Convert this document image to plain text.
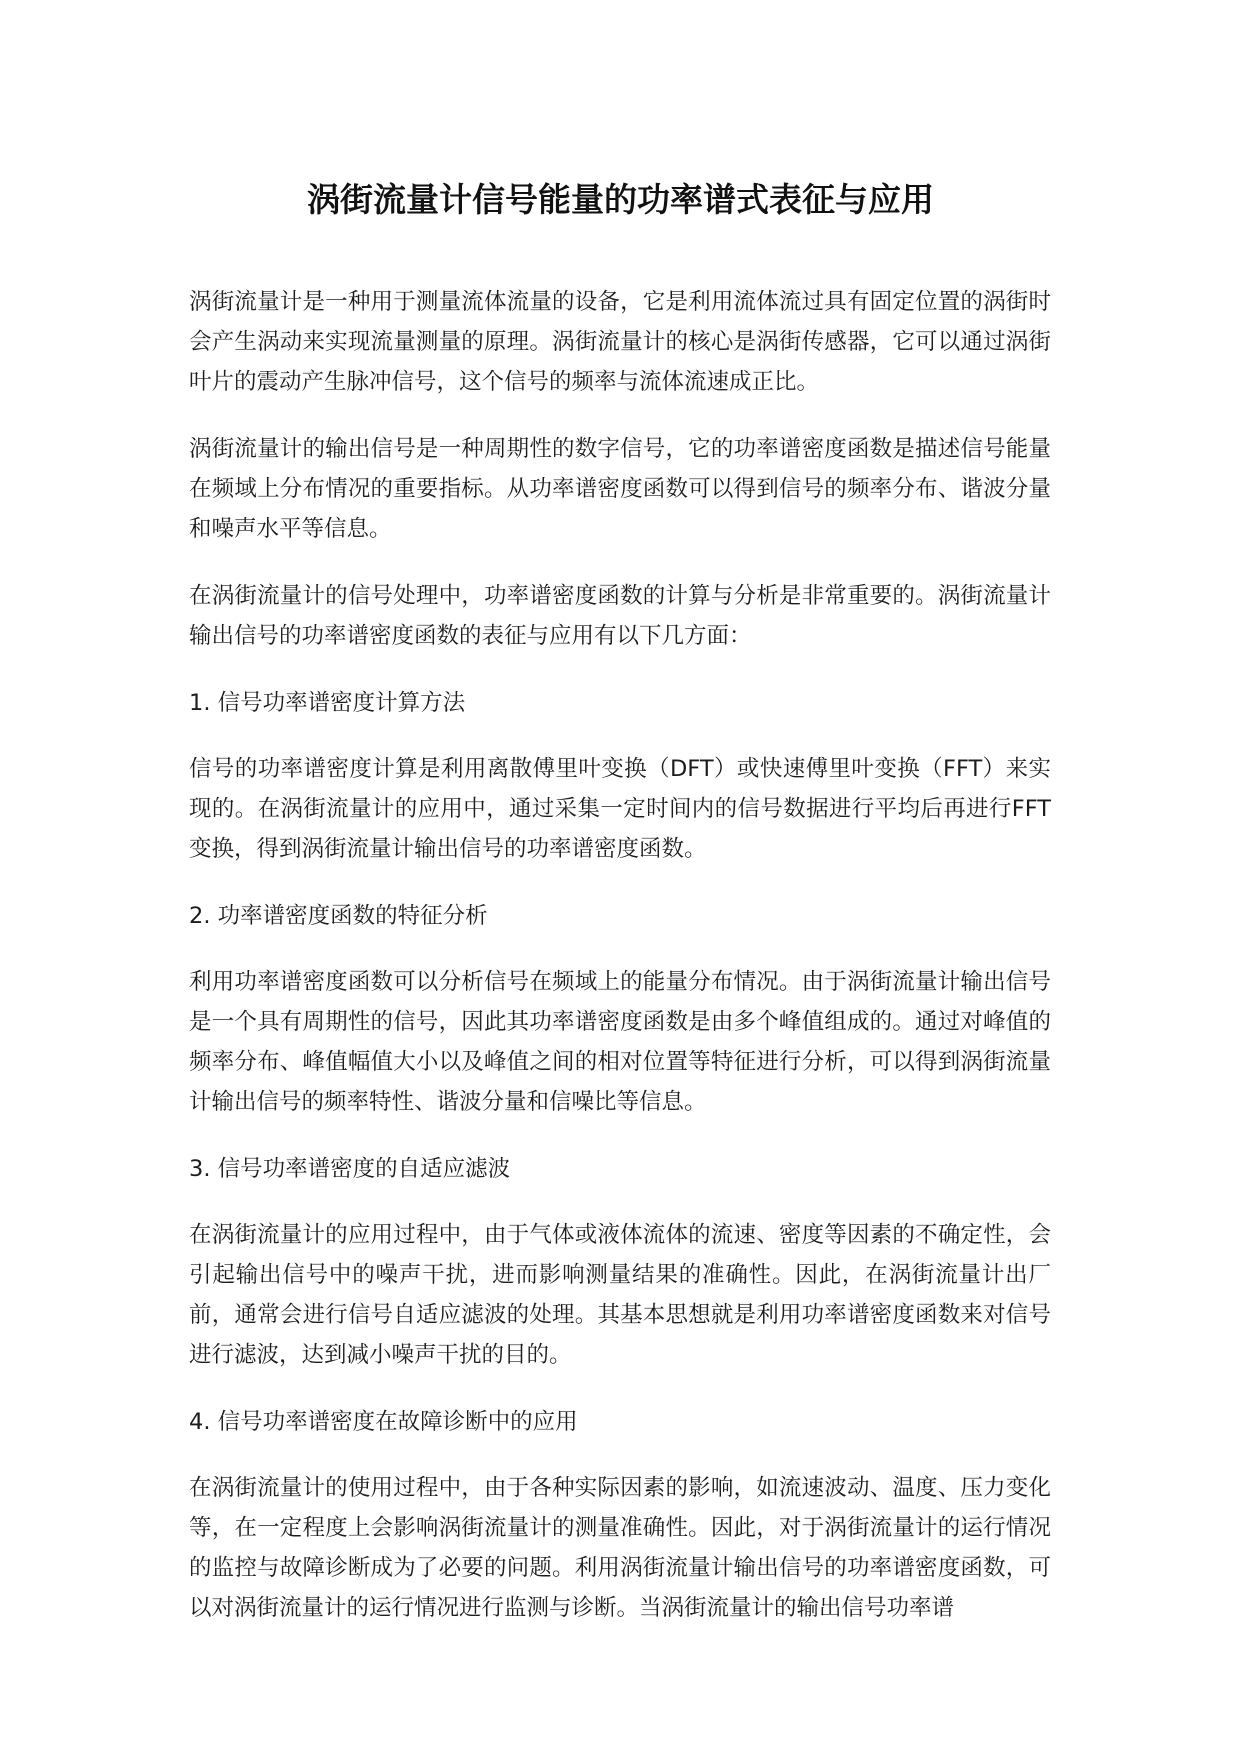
涡街流量计信号能量的功率谱式表征与应用

涡街流量计是一种用于测量流体流量的设备，它是利用流体流过具有固定位置的涡街时会产生涡动来实现流量测量的原理。涡街流量计的核心是涡街传感器，它可以通过涡街叶片的震动产生脉冲信号，这个信号的频率与流体流速成正比。

涡街流量计的输出信号是一种周期性的数字信号，它的功率谱密度函数是描述信号能量在频域上分布情况的重要指标。从功率谱密度函数可以得到信号的频率分布、谐波分量和噪声水平等信息。

在涡街流量计的信号处理中，功率谱密度函数的计算与分析是非常重要的。涡街流量计输出信号的功率谱密度函数的表征与应用有以下几方面：

1. 信号功率谱密度计算方法

信号的功率谱密度计算是利用离散傅里叶变换（DFT）或快速傅里叶变换（FFT）来实现的。在涡街流量计的应用中，通过采集一定时间内的信号数据进行平均后再进行FFT变换，得到涡街流量计输出信号的功率谱密度函数。

2. 功率谱密度函数的特征分析

利用功率谱密度函数可以分析信号在频域上的能量分布情况。由于涡街流量计输出信号是一个具有周期性的信号，因此其功率谱密度函数是由多个峰值组成的。通过对峰值的频率分布、峰值幅值大小以及峰值之间的相对位置等特征进行分析，可以得到涡街流量计输出信号的频率特性、谐波分量和信噪比等信息。

3. 信号功率谱密度的自适应滤波

在涡街流量计的应用过程中，由于气体或液体流体的流速、密度等因素的不确定性，会引起输出信号中的噪声干扰，进而影响测量结果的准确性。因此，在涡街流量计出厂前，通常会进行信号自适应滤波的处理。其基本思想就是利用功率谱密度函数来对信号进行滤波，达到减小噪声干扰的目的。

4. 信号功率谱密度在故障诊断中的应用

在涡街流量计的使用过程中，由于各种实际因素的影响，如流速波动、温度、压力变化等，在一定程度上会影响涡街流量计的测量准确性。因此，对于涡街流量计的运行情况的监控与故障诊断成为了必要的问题。利用涡街流量计输出信号的功率谱密度函数，可以对涡街流量计的运行情况进行监测与诊断。当涡街流量计的输出信号功率谱
